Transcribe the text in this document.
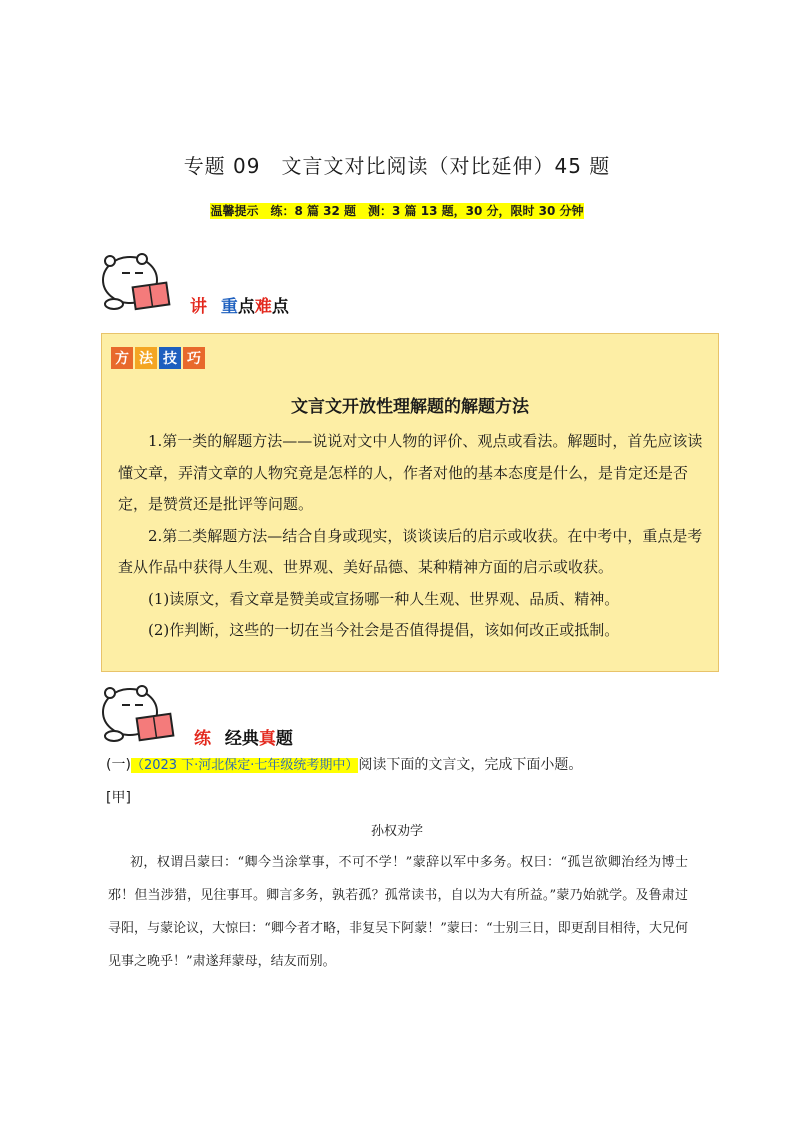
专题 09　文言文对比阅读（对比延伸）45 题
温馨提示　练：8 篇 32 题　测：3 篇 13 题，30 分，限时 30 分钟
讲 重点难点
方 法 技 巧
文言文开放性理解题的解题方法

1.第一类的解题方法——说说对文中人物的评价、观点或看法。解题时，首先应该读懂文章，弄清文章的人物究竟是怎样的人，作者对他的基本态度是什么，是肯定还是否定，是赞赏还是批评等问题。

2.第二类解题方法—结合自身或现实，谈谈读后的启示或收获。在中考中，重点是考查从作品中获得人生观、世界观、美好品德、某种精神方面的启示或收获。

(1)读原文，看文章是赞美或宣扬哪一种人生观、世界观、品质、精神。

(2)作判断，这些的一切在当今社会是否值得提倡，该如何改正或抵制。

练 经典真题
(一)（2023 下·河北保定·七年级统考期中）阅读下面的文言文，完成下面小题。
[甲]
孙权劝学
初，权谓吕蒙曰：“卿今当涂掌事，不可不学！”蒙辞以军中多务。权曰：“孤岂欲卿治经为博士邪！但当涉猎，见往事耳。卿言多务，孰若孤？孤常读书，自以为大有所益。”蒙乃始就学。及鲁肃过寻阳，与蒙论议，大惊曰：“卿今者才略，非复吴下阿蒙！”蒙曰：“士别三日，即更刮目相待，大兄何见事之晚乎！”肃遂拜蒙母，结友而别。
